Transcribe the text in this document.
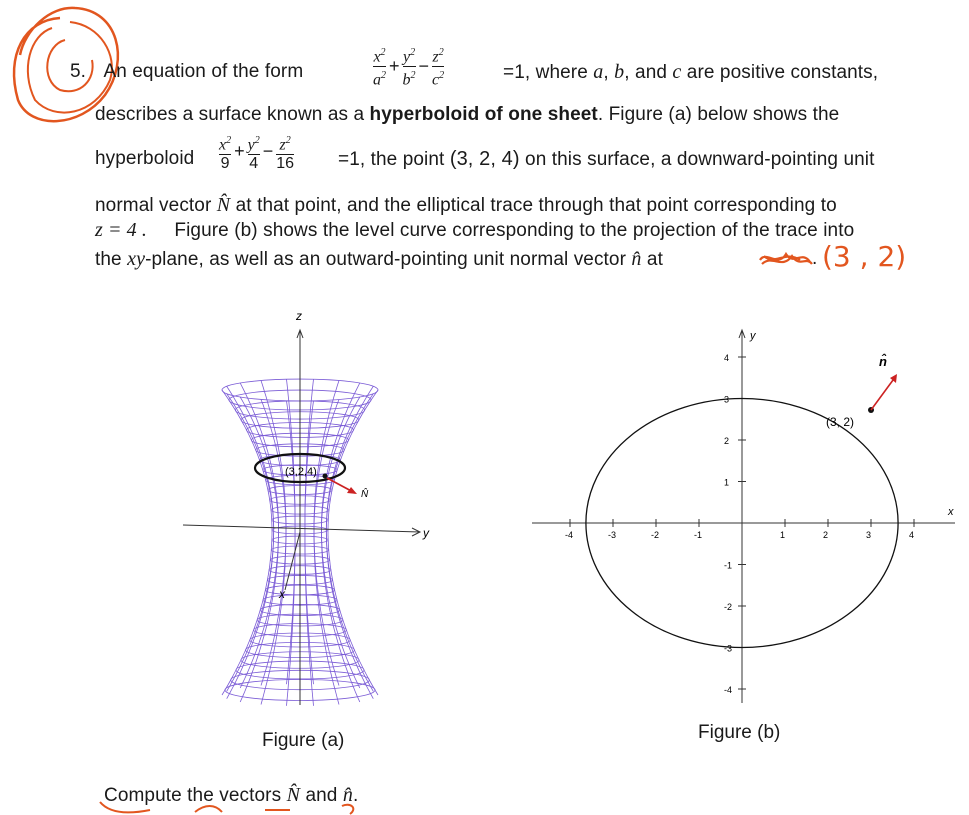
5. An equation of the form	$\frac{x^2}{a^2} + \frac{y^2}{b^2} - \frac{z^2}{c^2}$	=1, where a, b, and c are positive constants,
describes a surface known as a hyperboloid of one sheet. Figure (a) below shows the
hyperboloid $\frac{x^2}{9} + \frac{y^2}{4} - \frac{z^2}{16} =1$, the point (3, 2, 4) on this surface, a downward-pointing unit
normal vector N̂ at that point, and the elliptical trace through that point corresponding to
z = 4 . Figure (b) shows the level curve corresponding to the projection of the trace into
the xy-plane, as well as an outward-pointing unit normal vector n̂ at	. (3 , 2)
z
y
x
(3,2,4)
N̂
Figure (a)
y
x
-4	-3	-2	-1	1	2	3	4
4
3
2
1
-1
-2
-3
-4
(3, 2)
n̂
Figure (b)
Compute the vectors N̂ and n̂.
